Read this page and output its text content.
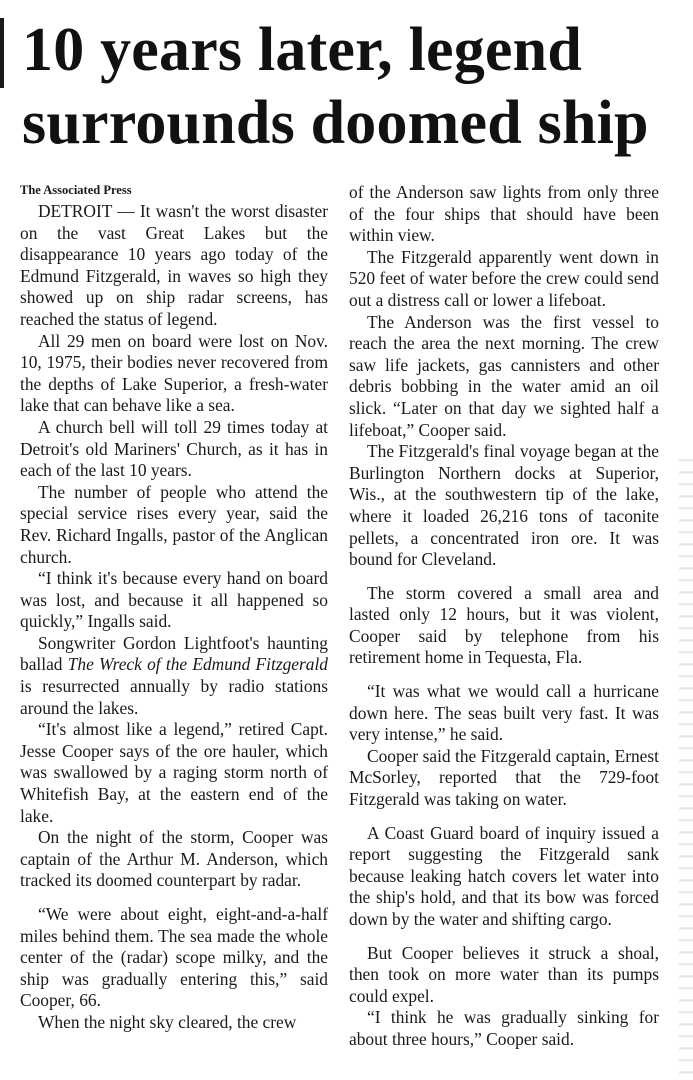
10 years later, legend
surrounds doomed ship
The Associated Press

DETROIT — It wasn't the worst disaster on the vast Great Lakes but the disappearance 10 years ago today of the Edmund Fitzgerald, in waves so high they showed up on ship radar screens, has reached the status of legend.

All 29 men on board were lost on Nov. 10, 1975, their bodies never recovered from the depths of Lake Superior, a fresh-water lake that can behave like a sea.

A church bell will toll 29 times today at Detroit's old Mariners' Church, as it has in each of the last 10 years.

The number of people who attend the special service rises every year, said the Rev. Richard Ingalls, pastor of the Anglican church.

“I think it's because every hand on board was lost, and because it all happened so quickly,” Ingalls said.

Songwriter Gordon Lightfoot's haunting ballad The Wreck of the Edmund Fitzgerald is resurrected annually by radio stations around the lakes.

“It's almost like a legend,” retired Capt. Jesse Cooper says of the ore hauler, which was swallowed by a raging storm north of Whitefish Bay, at the eastern end of the lake.

On the night of the storm, Cooper was captain of the Arthur M. Anderson, which tracked its doomed counterpart by radar.

“We were about eight, eight-and-a-half miles behind them. The sea made the whole center of the (radar) scope milky, and the ship was gradually entering this,” said Cooper, 66.

When the night sky cleared, the crew

of the Anderson saw lights from only three of the four ships that should have been within view.

The Fitzgerald apparently went down in 520 feet of water before the crew could send out a distress call or lower a lifeboat.

The Anderson was the first vessel to reach the area the next morning. The crew saw life jackets, gas cannisters and other debris bobbing in the water amid an oil slick. “Later on that day we sighted half a lifeboat,” Cooper said.

The Fitzgerald's final voyage began at the Burlington Northern docks at Superior, Wis., at the southwestern tip of the lake, where it loaded 26,216 tons of taconite pellets, a concentrated iron ore. It was bound for Cleveland.

The storm covered a small area and lasted only 12 hours, but it was violent, Cooper said by telephone from his retirement home in Tequesta, Fla.

“It was what we would call a hurricane down here. The seas built very fast. It was very intense,” he said.

Cooper said the Fitzgerald captain, Ernest McSorley, reported that the 729-foot Fitzgerald was taking on water.

A Coast Guard board of inquiry issued a report suggesting the Fitzgerald sank because leaking hatch covers let water into the ship's hold, and that its bow was forced down by the water and shifting cargo.

But Cooper believes it struck a shoal, then took on more water than its pumps could expel.

“I think he was gradually sinking for about three hours,” Cooper said.
